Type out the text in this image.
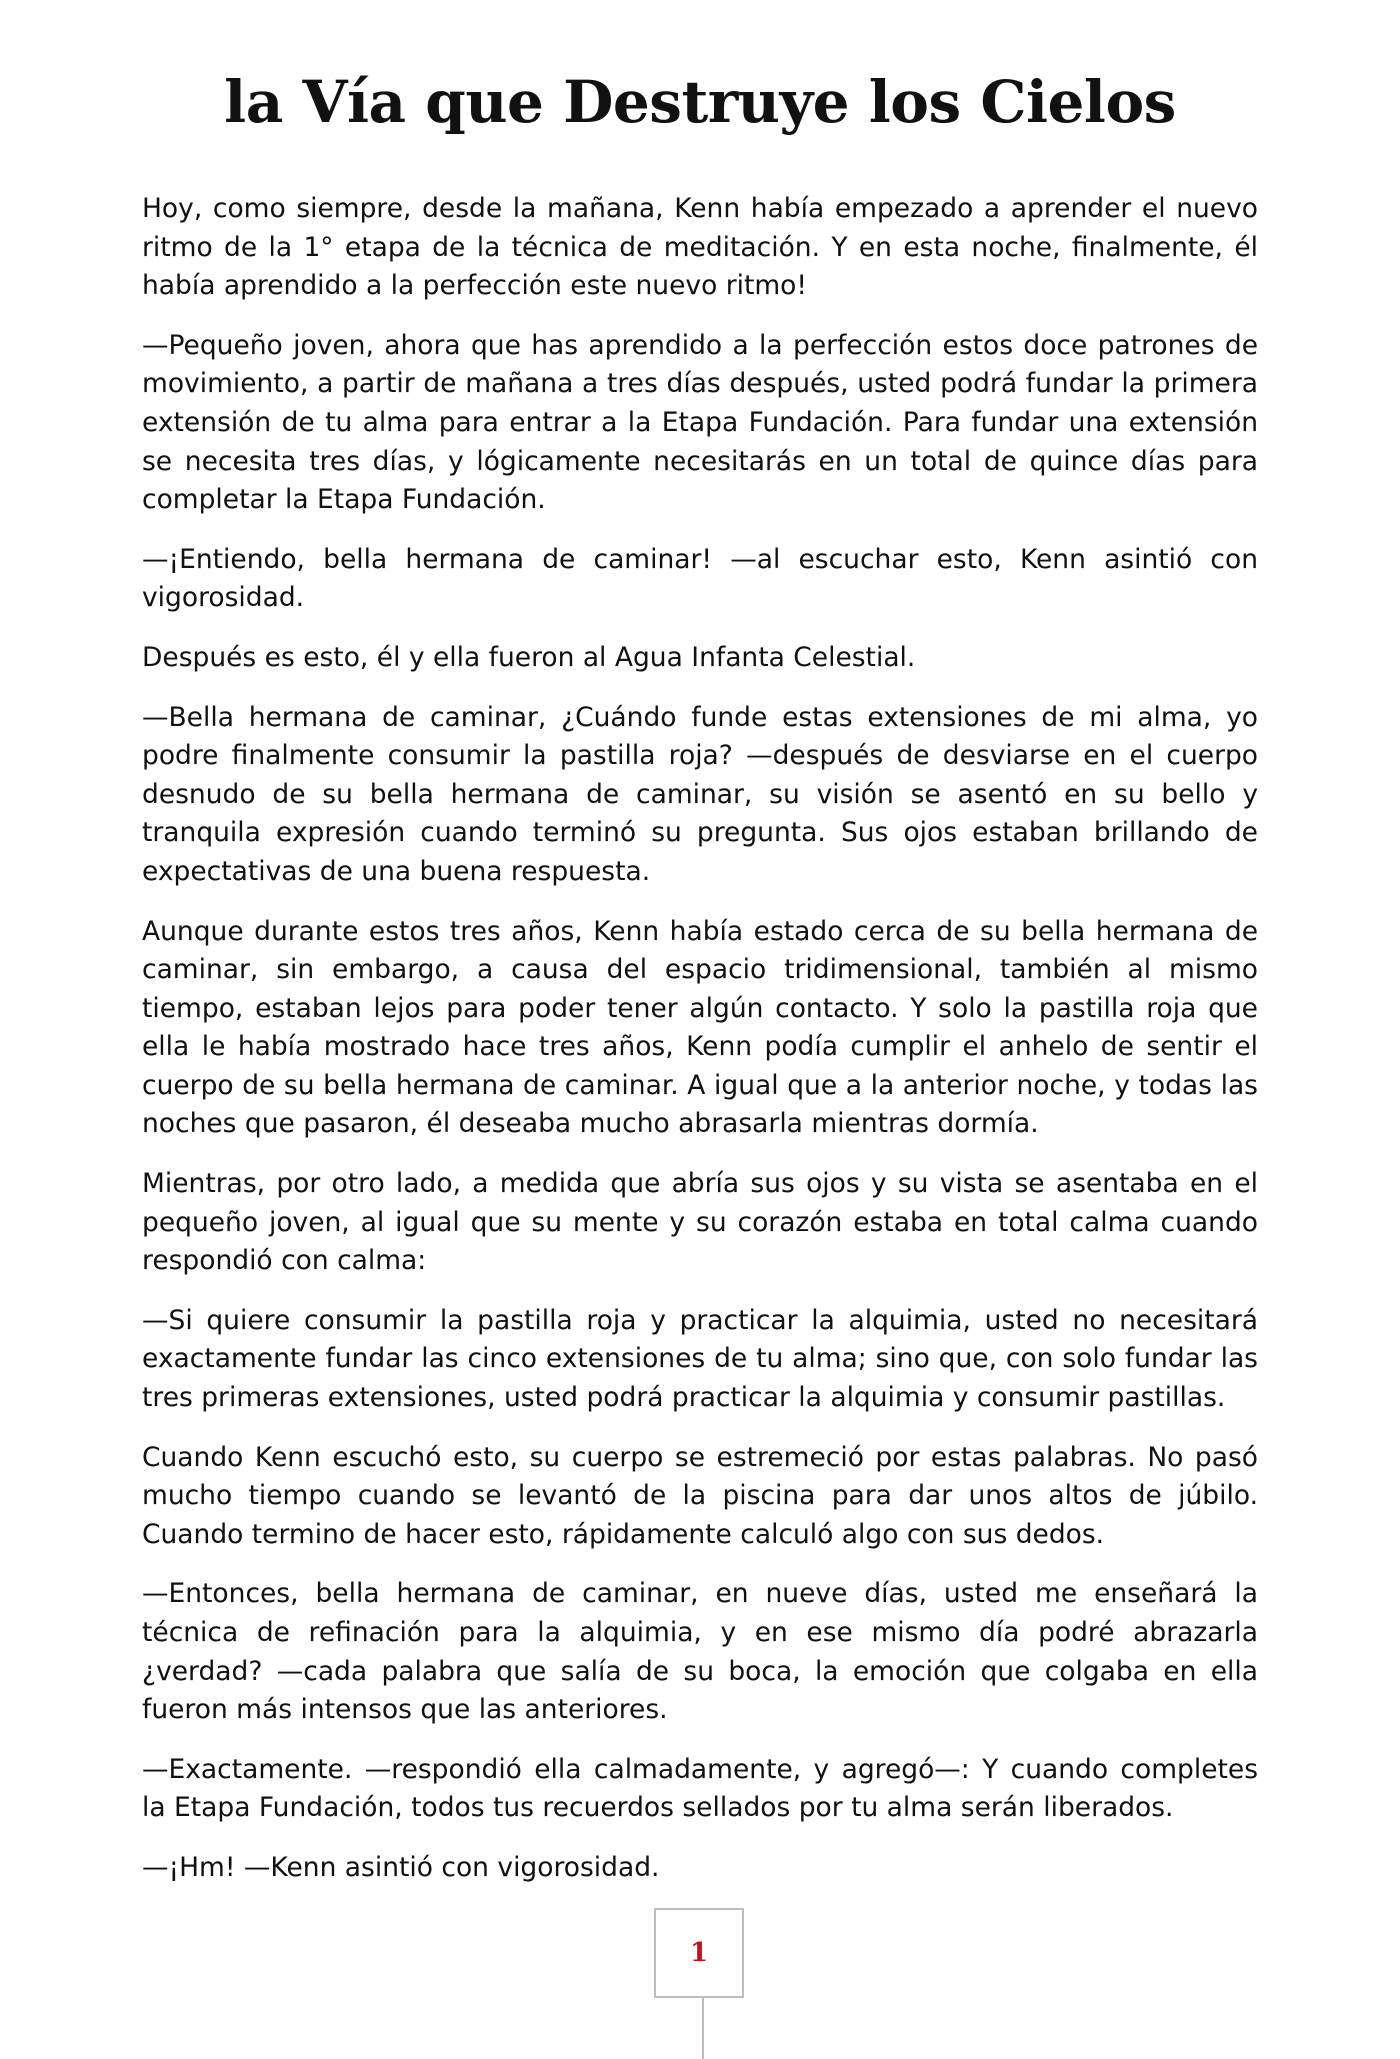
la Vía que Destruye los Cielos

Hoy, como siempre, desde la mañana, Kenn había empezado a aprender el nuevo ritmo de la 1° etapa de la técnica de meditación. Y en esta noche, finalmente, él había aprendido a la perfección este nuevo ritmo!

—Pequeño joven, ahora que has aprendido a la perfección estos doce patrones de movimiento, a partir de mañana a tres días después, usted podrá fundar la primera extensión de tu alma para entrar a la Etapa Fundación. Para fundar una extensión se necesita tres días, y lógicamente necesitarás en un total de quince días para completar la Etapa Fundación.

—¡Entiendo, bella hermana de caminar! —al escuchar esto, Kenn asintió con vigorosidad.

Después es esto, él y ella fueron al Agua Infanta Celestial.

—Bella hermana de caminar, ¿Cuándo funde estas extensiones de mi alma, yo podre finalmente consumir la pastilla roja? —después de desviarse en el cuerpo desnudo de su bella hermana de caminar, su visión se asentó en su bello y tranquila expresión cuando terminó su pregunta. Sus ojos estaban brillando de expectativas de una buena respuesta.

Aunque durante estos tres años, Kenn había estado cerca de su bella hermana de caminar, sin embargo, a causa del espacio tridimensional, también al mismo tiempo, estaban lejos para poder tener algún contacto. Y solo la pastilla roja que ella le había mostrado hace tres años, Kenn podía cumplir el anhelo de sentir el cuerpo de su bella hermana de caminar. A igual que a la anterior noche, y todas las noches que pasaron, él deseaba mucho abrasarla mientras dormía.

Mientras, por otro lado, a medida que abría sus ojos y su vista se asentaba en el pequeño joven, al igual que su mente y su corazón estaba en total calma cuando respondió con calma:

—Si quiere consumir la pastilla roja y practicar la alquimia, usted no necesitará exactamente fundar las cinco extensiones de tu alma; sino que, con solo fundar las tres primeras extensiones, usted podrá practicar la alquimia y consumir pastillas.

Cuando Kenn escuchó esto, su cuerpo se estremeció por estas palabras. No pasó mucho tiempo cuando se levantó de la piscina para dar unos altos de júbilo. Cuando termino de hacer esto, rápidamente calculó algo con sus dedos.

—Entonces, bella hermana de caminar, en nueve días, usted me enseñará la técnica de refinación para la alquimia, y en ese mismo día podré abrazarla ¿verdad? —cada palabra que salía de su boca, la emoción que colgaba en ella fueron más intensos que las anteriores.

—Exactamente. —respondió ella calmadamente, y agregó—: Y cuando completes la Etapa Fundación, todos tus recuerdos sellados por tu alma serán liberados.

—¡Hm! —Kenn asintió con vigorosidad.

1
